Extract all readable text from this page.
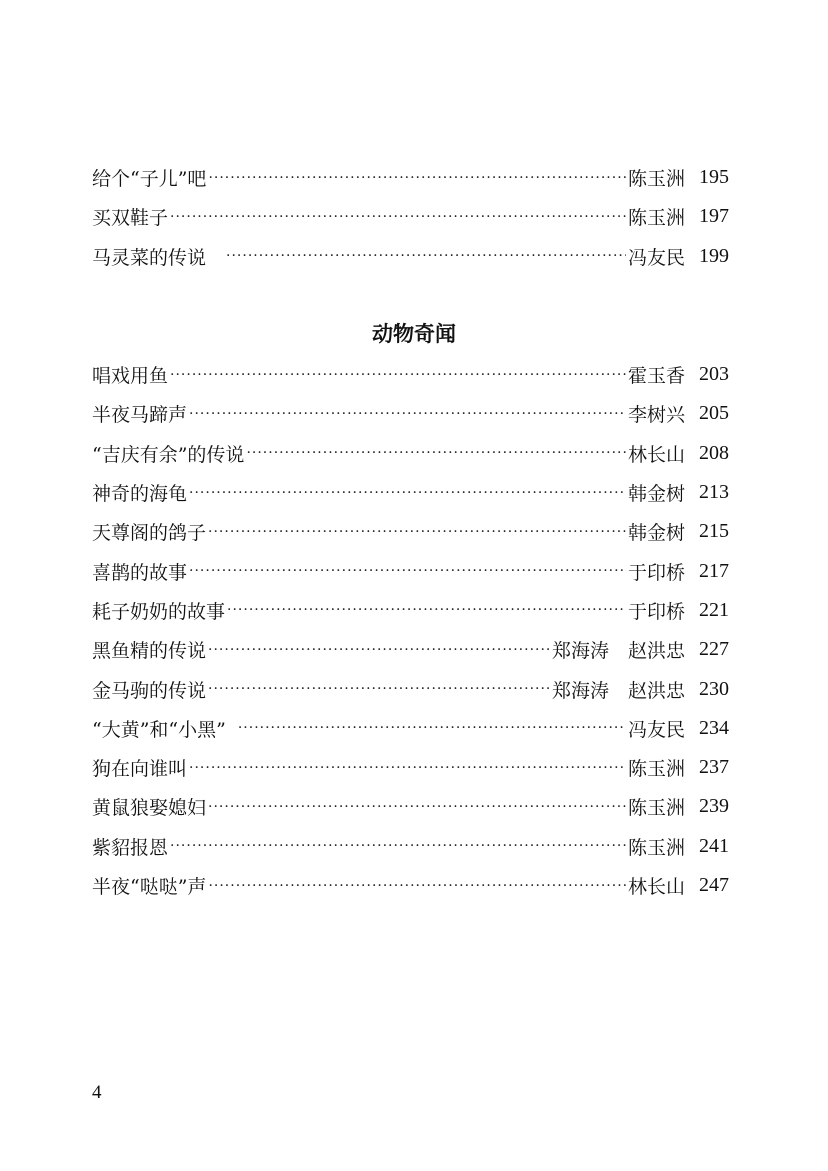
给个“子儿”吧 ·····	陈玉洲 195
买双鞋子 ·····	陈玉洲 197
马灵菜的传说 ·····	冯友民 199
动物奇闻
唱戏用鱼 ·····	霍玉香 203
半夜马蹄声 ·····	李树兴 205
“吉庆有余”的传说 ·····	林长山 208
神奇的海龟 ·····	韩金树 213
天尊阁的鸽子 ·····	韩金树 215
喜鹊的故事 ·····	于印桥 217
耗子奶奶的故事 ·····	于印桥 221
黑鱼精的传说 ·····	郑海涛　赵洪忠 227
金马驹的传说 ·····	郑海涛　赵洪忠 230
“大黄”和“小黑” ·····	冯友民 234
狗在向谁叫 ·····	陈玉洲 237
黄鼠狼娶媳妇 ·····	陈玉洲 239
紫貂报恩 ·····	陈玉洲 241
半夜“哒哒”声 ·····	林长山 247
4
